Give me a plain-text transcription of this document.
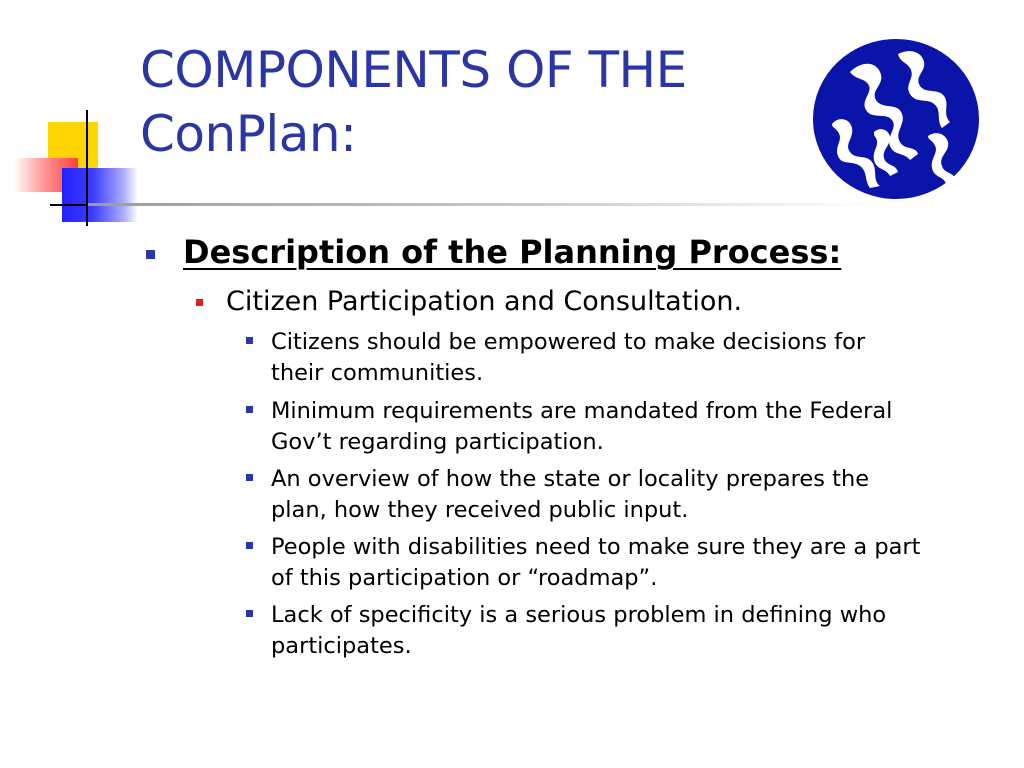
COMPONENTS OF THE
ConPlan:
Description of the Planning Process:
Citizen Participation and Consultation.
Citizens should be empowered to make decisions for
their communities.
Minimum requirements are mandated from the Federal
Gov’t regarding participation.
An overview of how the state or locality prepares the
plan, how they received public input.
People with disabilities need to make sure they are a part
of this participation or “roadmap”.
Lack of specificity is a serious problem in defining who
participates.
